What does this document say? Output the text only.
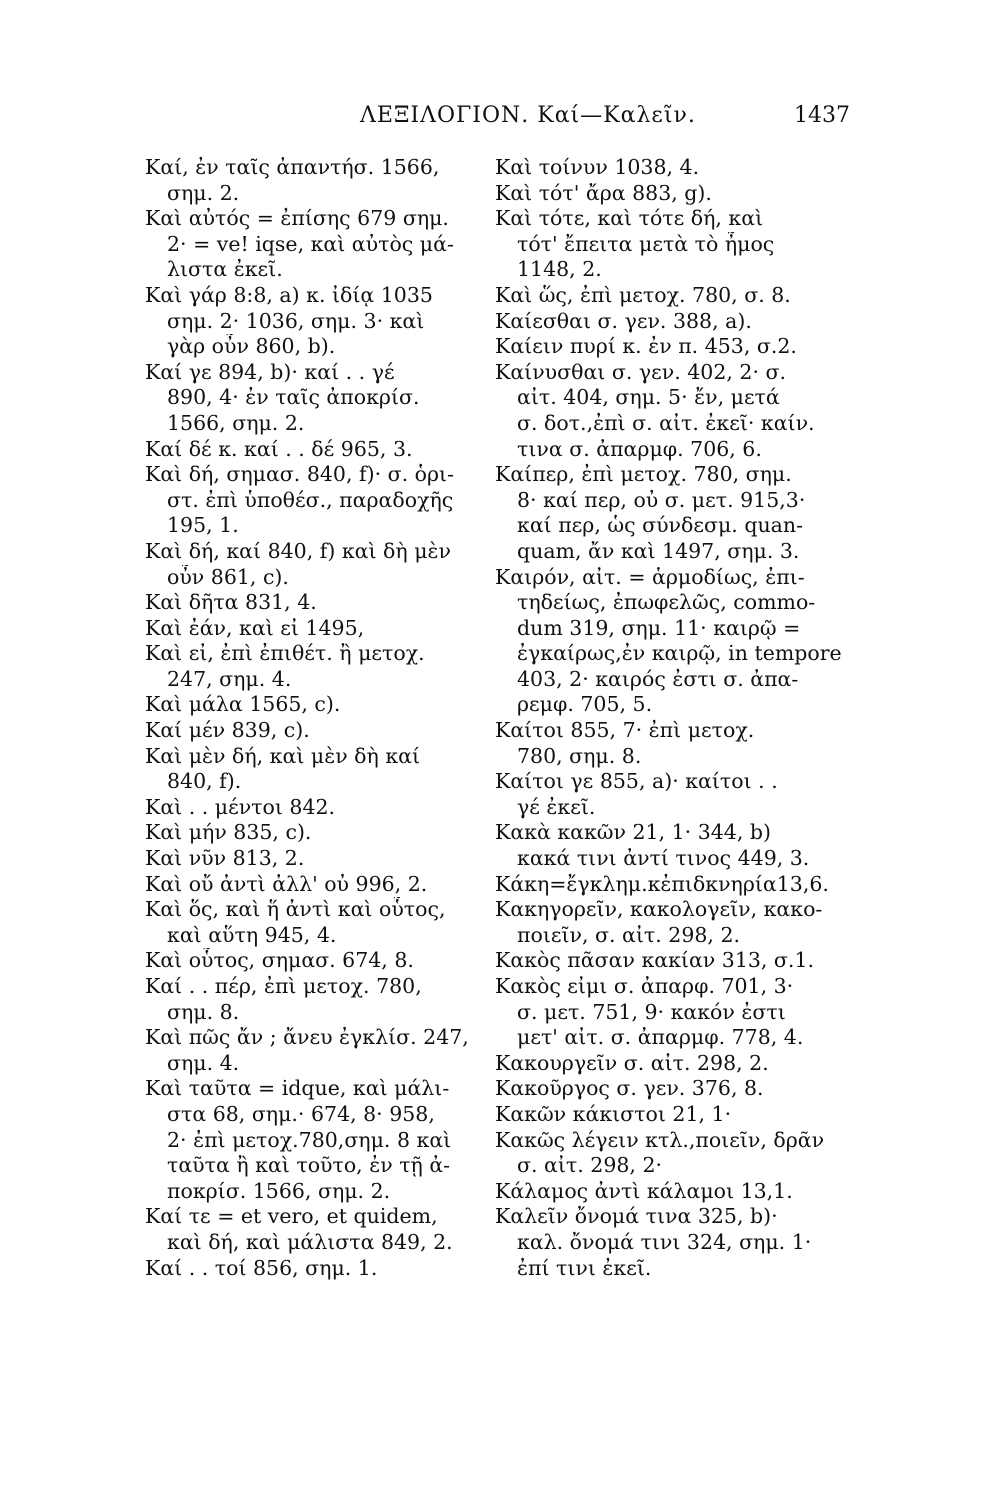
ΛΕΞΙΛΟΓΙΟΝ. Καί—Καλεῖν.	1437
Καί, ἐν ταῖς ἀπαντήσ. 1566,
σημ. 2.
Καὶ αὐτός = ἐπίσης 679 σημ.
2· = ve! iqse, καὶ αὐτὸς μά-
λιστα ἐκεῖ.
Καὶ γάρ 8:8, a) κ. ἰδίᾳ 1035
σημ. 2· 1036, σημ. 3· καὶ
γὰρ οὖν 860, b).
Καί γε 894, b)· καί . . γέ
890, 4· ἐν ταῖς ἀποκρίσ.
1566, σημ. 2.
Καί δέ κ. καί . . δέ 965, 3.
Καὶ δή, σημασ. 840, f)· σ. ὁρι-
στ. ἐπὶ ὑποθέσ., παραδοχῆς
195, 1.
Καὶ δή, καί 840, f) καὶ δὴ μὲν
οὖν 861, c).
Καὶ δῆτα 831, 4.
Καὶ ἐάν, καὶ εἰ 1495,
Καὶ εἰ, ἐπὶ ἐπιθέτ. ἢ μετοχ.
247, σημ. 4.
Καὶ μάλα 1565, c).
Καί μέν 839, c).
Καὶ μὲν δή, καὶ μὲν δὴ καί
840, f).
Καὶ . . μέντοι 842.
Καὶ μήν 835, c).
Καὶ νῦν 813, 2.
Καὶ οὔ ἀντὶ ἀλλ' οὐ 996, 2.
Καὶ ὅς, καὶ ἥ ἀντὶ καὶ οὗτος,
καὶ αὕτη 945, 4.
Καὶ οὗτος, σημασ. 674, 8.
Καί . . πέρ, ἐπὶ μετοχ. 780,
σημ. 8.
Καὶ πῶς ἄν ; ἄνευ ἐγκλίσ. 247,
σημ. 4.
Καὶ ταῦτα = idque, καὶ μάλι-
στα 68, σημ.· 674, 8· 958,
2· ἐπὶ μετοχ.780,σημ. 8 καὶ
ταῦτα ἢ καὶ τοῦτο, ἐν τῇ ἀ-
ποκρίσ. 1566, σημ. 2.
Καί τε = et vero, et quidem,
καὶ δή, καὶ μάλιστα 849, 2.
Καί . . τοί 856, σημ. 1.
Καὶ τοίνυν 1038, 4.
Καὶ τότ' ἄρα 883, g).
Καὶ τότε, καὶ τότε δή, καὶ
τότ' ἔπειτα μετὰ τὸ ἦμος
1148, 2.
Καὶ ὥς, ἐπὶ μετοχ. 780, σ. 8.
Καίεσθαι σ. γεν. 388, a).
Καίειν πυρί κ. ἐν π. 453, σ.2.
Καίνυσθαι σ. γεν. 402, 2· σ.
αἰτ. 404, σημ. 5· ἔν, μετά
σ. δοτ.,ἐπὶ σ. αἰτ. ἐκεῖ· καίν.
τινα σ. ἀπαρμφ. 706, 6.
Καίπερ, ἐπὶ μετοχ. 780, σημ.
8· καί περ, οὐ σ. μετ. 915,3·
καί περ, ὡς σύνδεσμ. quan-
quam, ἄν καὶ 1497, σημ. 3.
Καιρόν, αἰτ. = ἁρμοδίως, ἐπι-
τηδείως, ἐπωφελῶς, commo-
dum 319, σημ. 11· καιρῷ =
ἐγκαίρως,ἐν καιρῷ, in tempore
403, 2· καιρός ἐστι σ. ἀπα-
ρεμφ. 705, 5.
Καίτοι 855, 7· ἐπὶ μετοχ.
780, σημ. 8.
Καίτοι γε 855, a)· καίτοι . .
γέ ἐκεῖ.
Κακὰ κακῶν 21, 1· 344, b)
κακά τινι ἀντί τινος 449, 3.
Κάκη=ἔγκλημ.κἐπιδκνηρία13,6.
Κακηγορεῖν, κακολογεῖν, κακο-
ποιεῖν, σ. αἰτ. 298, 2.
Κακὸς πᾶσαν κακίαν 313, σ.1.
Κακὸς εἰμι σ. ἀπαρφ. 701, 3·
σ. μετ. 751, 9· κακόν ἐστι
μετ' αἰτ. σ. ἀπαρμφ. 778, 4.
Κακουργεῖν σ. αἰτ. 298, 2.
Κακοῦργος σ. γεν. 376, 8.
Κακῶν κάκιστοι 21, 1·
Κακῶς λέγειν κτλ.,ποιεῖν, δρᾶν
σ. αἰτ. 298, 2·
Κάλαμος ἀντὶ κάλαμοι 13,1.
Καλεῖν ὄνομά τινα 325, b)·
καλ. ὄνομά τινι 324, σημ. 1·
ἐπί τινι ἐκεῖ.
